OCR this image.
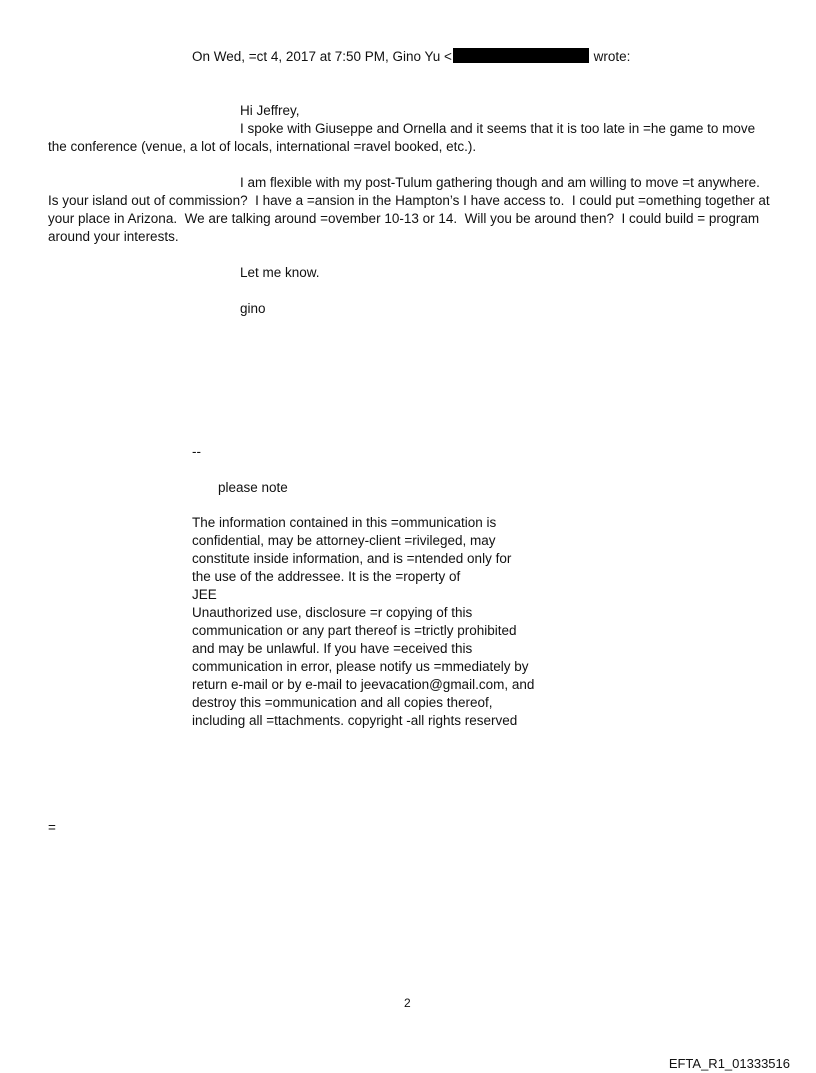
On Wed, =ct 4, 2017 at 7:50 PM, Gino Yu <	wrote:
Hi Jeffrey,
I spoke with Giuseppe and Ornella and it seems that it is too late in =he game to move
the conference (venue, a lot of locals, international =ravel booked, etc.).
I am flexible with my post-Tulum gathering though and am willing to move =t anywhere.
Is your island out of commission?  I have a =ansion in the Hampton’s I have access to.  I could put =omething together at
your place in Arizona.  We are talking around =ovember 10-13 or 14.  Will you be around then?  I could build = program
around your interests.
Let me know.
gino
--
please note
The information contained in this =ommunication is
confidential, may be attorney-client =rivileged, may
constitute inside information, and is =ntended only for
the use of the addressee. It is the =roperty of
JEE
Unauthorized use, disclosure =r copying of this
communication or any part thereof is =trictly prohibited
and may be unlawful. If you have =eceived this
communication in error, please notify us =mmediately by
return e-mail or by e-mail to jeevacation@gmail.com, and
destroy this =ommunication and all copies thereof,
including all =ttachments. copyright -all rights reserved
=
2
EFTA_R1_01333516
